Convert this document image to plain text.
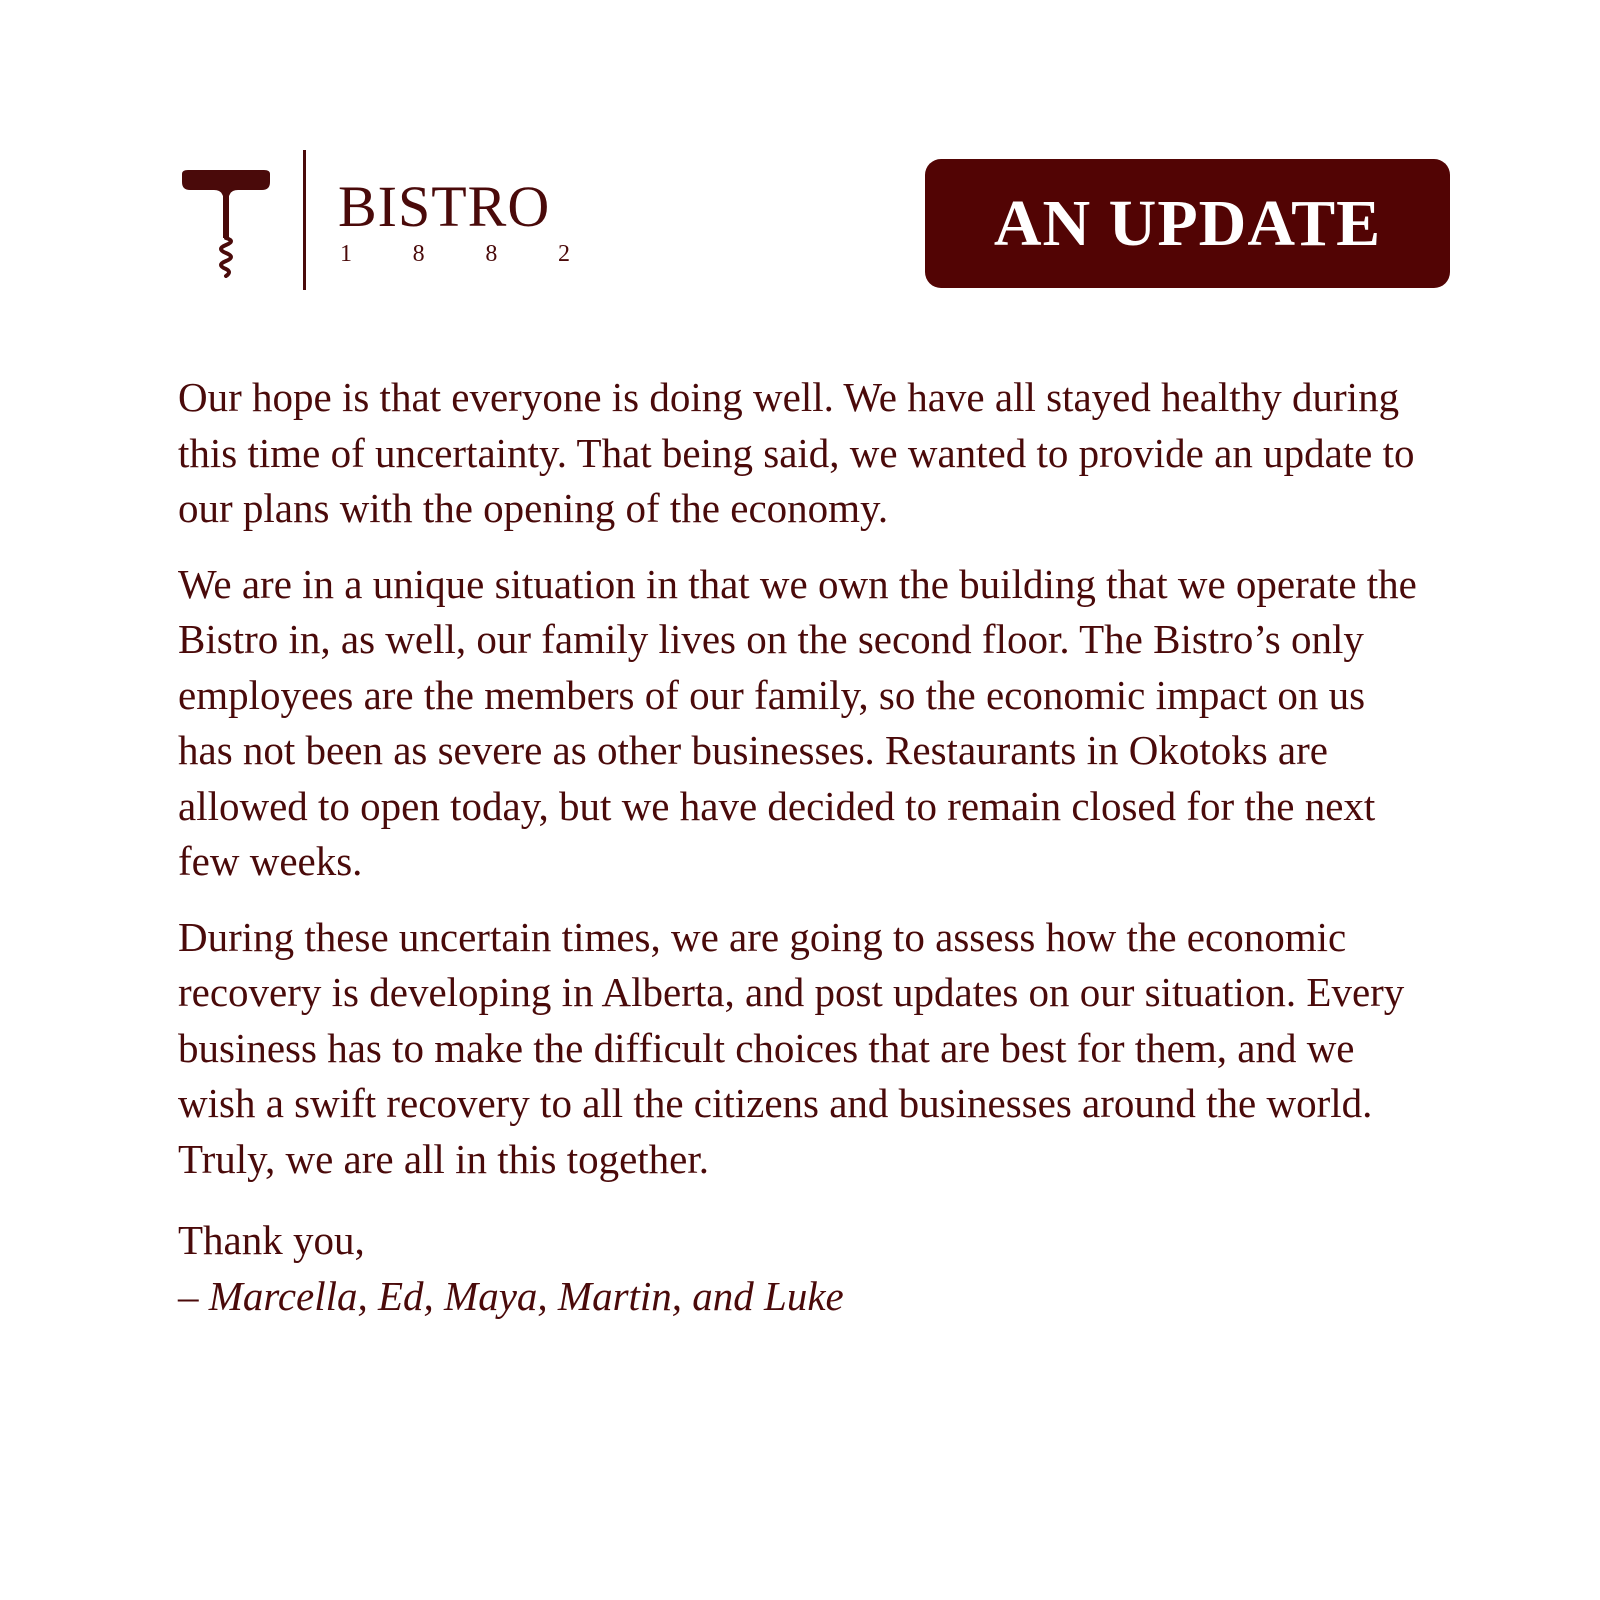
BISTRO
1	8	8	2	AN UPDATE

Our hope is that everyone is doing well. We have all stayed healthy during this time of uncertainty. That being said, we wanted to provide an update to our plans with the opening of the economy.

We are in a unique situation in that we own the building that we operate the Bistro in, as well, our family lives on the second floor. The Bistro’s only employees are the members of our family, so the economic impact on us has not been as severe as other businesses. Restaurants in Okotoks are allowed to open today, but we have decided to remain closed for the next few weeks.

During these uncertain times, we are going to assess how the economic recovery is developing in Alberta, and post updates on our situation. Every business has to make the difficult choices that are best for them, and we wish a swift recovery to all the citizens and businesses around the world. Truly, we are all in this together.

Thank you,
– Marcella, Ed, Maya, Martin, and Luke
